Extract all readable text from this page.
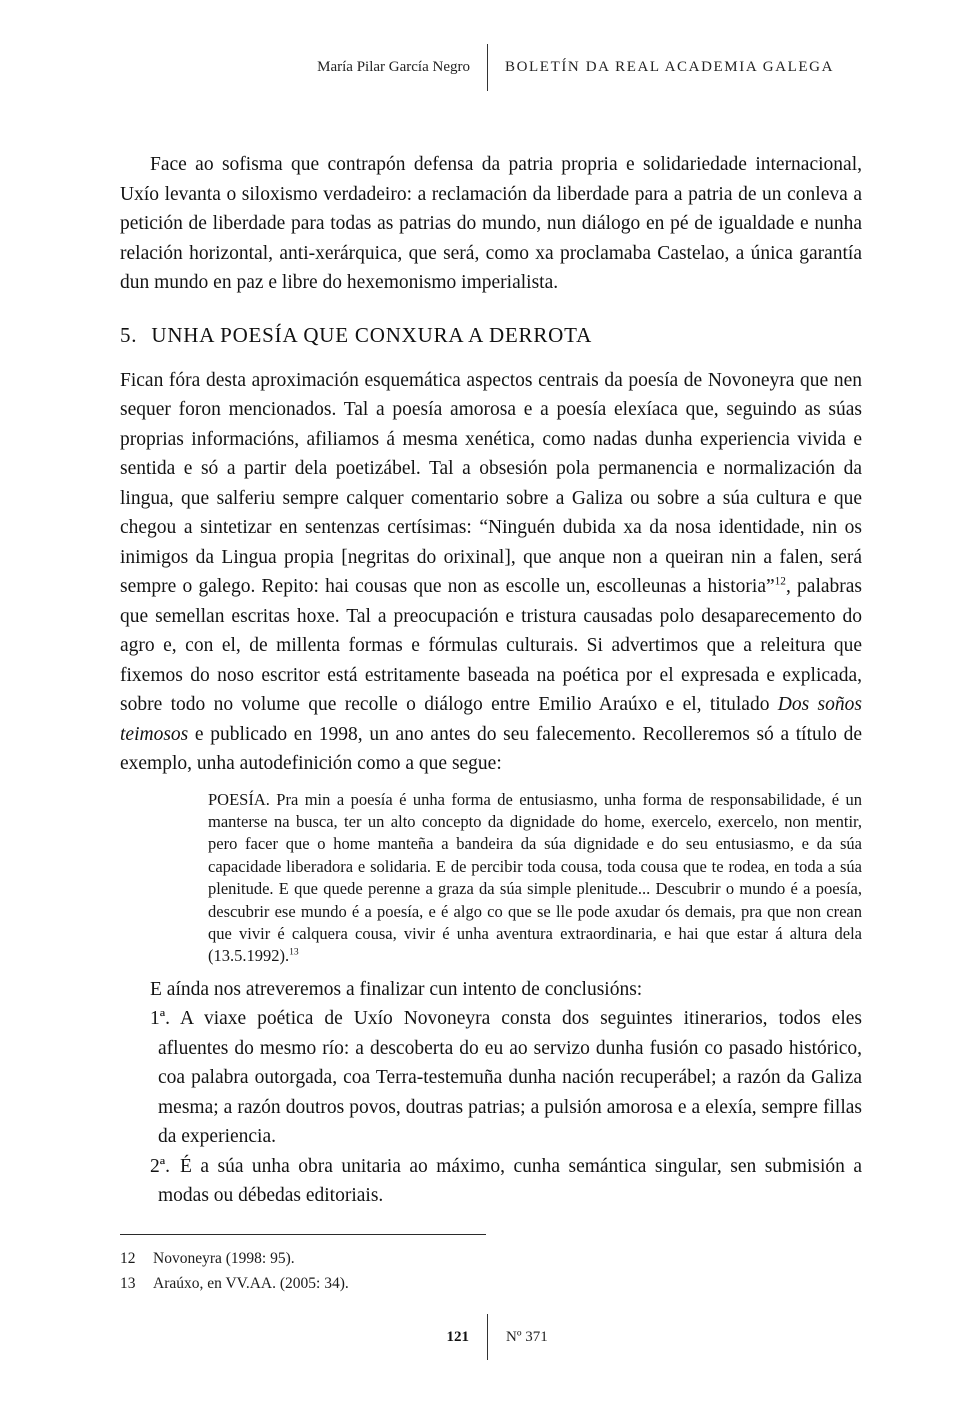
María Pilar García Negro	BOLETÍN DA REAL ACADEMIA GALEGA

Face ao sofisma que contrapón defensa da patria propria e solidariedade internacional, Uxío levanta o siloxismo verdadeiro: a reclamación da liberdade para a patria de un conleva a petición de liberdade para todas as patrias do mundo, nun diálogo en pé de igualdade e nunha relación horizontal, anti-xerárquica, que será, como xa proclamaba Castelao, a única garantía dun mundo en paz e libre do hexemonismo imperialista.

5. UNHA POESÍA QUE CONXURA A DERROTA

Fican fóra desta aproximación esquemática aspectos centrais da poesía de Novoneyra que nen sequer foron mencionados. Tal a poesía amorosa e a poesía elexíaca que, seguindo as súas proprias informacións, afiliamos á mesma xenética, como nadas dunha experiencia vivida e sentida e só a partir dela poetizábel. Tal a obsesión pola permanencia e normalización da lingua, que salferiu sempre calquer comentario sobre a Galiza ou sobre a súa cultura e que chegou a sintetizar en sentenzas certísimas: “Ninguén dubida xa da nosa identidade, nin os inimigos da Lingua propia [negritas do orixinal], que anque non a queiran nin a falen, será sempre o galego. Repito: hai cousas que non as escolle un, escolleunas a historia”$^{12}$, palabras que semellan escritas hoxe. Tal a preocupación e tristura causadas polo desaparecemento do agro e, con el, de millenta formas e fórmulas culturais. Si advertimos que a releitura que fixemos do noso escritor está estritamente baseada na poética por el expresada e explicada, sobre todo no volume que recolle o diálogo entre Emilio Araúxo e el, titulado Dos soños teimosos e publicado en 1998, un ano antes do seu falecemento. Recolleremos só a título de exemplo, unha autodefinición como a que segue:

POESÍA. Pra min a poesía é unha forma de entusiasmo, unha forma de responsabilidade, é un manterse na busca, ter un alto concepto da dignidade do home, exercelo, exercelo, non mentir, pero facer que o home manteña a bandeira da súa dignidade e do seu entusiasmo, e da súa capacidade liberadora e solidaria. E de percibir toda cousa, toda cousa que te rodea, en toda a súa plenitude. E que quede perenne a graza da súa simple plenitude... Descubrir o mundo é a poesía, descubrir ese mundo é a poesía, e é algo co que se lle pode axudar ós demais, pra que non crean que vivir é calquera cousa, vivir é unha aventura extraordinaria, e hai que estar á altura dela (13.5.1992).$^{13}$

E aínda nos atreveremos a finalizar cun intento de conclusións:

1ª. A viaxe poética de Uxío Novoneyra consta dos seguintes itinerarios, todos eles afluentes do mesmo río: a descoberta do eu ao servizo dunha fusión co pasado histórico, coa palabra outorgada, coa Terra-testemuña dunha nación recuperábel; a razón da Galiza mesma; a razón doutros povos, doutras patrias; a pulsión amorosa e a elexía, sempre fillas da experiencia.

2ª. É a súa unha obra unitaria ao máximo, cunha semántica singular, sen submisión a modas ou débedas editoriais.

12	Novoneyra (1998: 95).
13	Araúxo, en VV.AA. (2005: 34).
121	Nº 371
